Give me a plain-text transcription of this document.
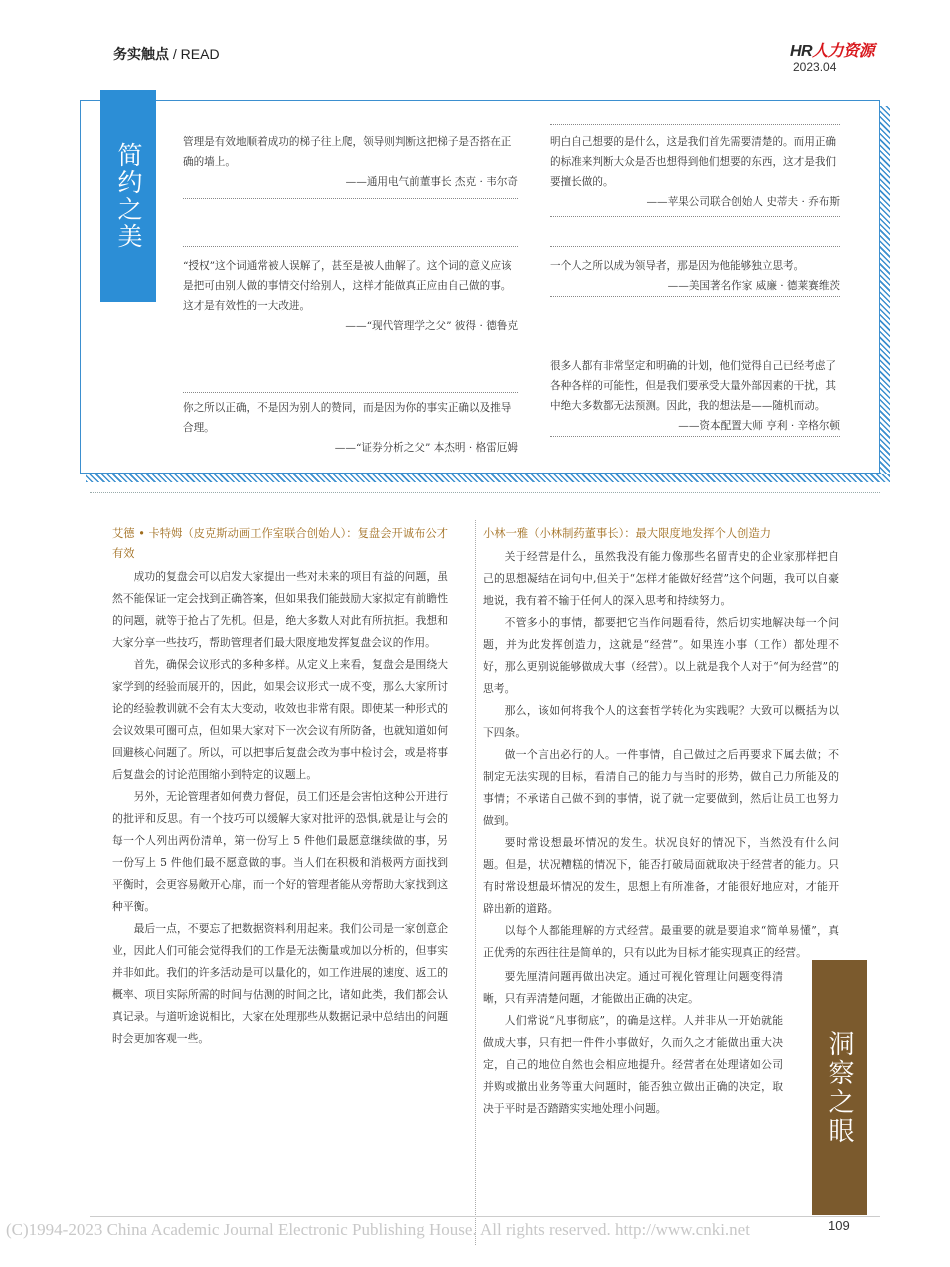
务实触点 / READ	HR人力资源
2023.04
简约之美	管理是有效地顺着成功的梯子往上爬，领导则判断这把梯子是否搭在正确的墙上。
——通用电气前董事长 杰克 · 韦尔奇
“授权”这个词通常被人误解了，甚至是被人曲解了。这个词的意义应该是把可由别人做的事情交付给别人，这样才能做真正应由自己做的事。这才是有效性的一大改进。
——“现代管理学之父” 彼得 · 德鲁克
你之所以正确，不是因为别人的赞同，而是因为你的事实正确以及推导合理。
——“证券分析之父” 本杰明 · 格雷厄姆
明白自己想要的是什么，这是我们首先需要清楚的。而用正确的标准来判断大众是否也想得到他们想要的东西，这才是我们要擅长做的。
——苹果公司联合创始人 史蒂夫 · 乔布斯
一个人之所以成为领导者，那是因为他能够独立思考。
——美国著名作家 威廉 · 德莱赛维茨
很多人都有非常坚定和明确的计划，他们觉得自己已经考虑了各种各样的可能性，但是我们要承受大量外部因素的干扰，其中绝大多数都无法预测。因此，我的想法是——随机而动。
——资本配置大师 亨利 · 辛格尔顿
艾德 • 卡特姆（皮克斯动画工作室联合创始人）：复盘会开诚布公才有效

成功的复盘会可以启发大家提出一些对未来的项目有益的问题，虽然不能保证一定会找到正确答案，但如果我们能鼓励大家拟定有前瞻性的问题，就等于抢占了先机。但是，绝大多数人对此有所抗拒。我想和大家分享一些技巧，帮助管理者们最大限度地发挥复盘会议的作用。

首先，确保会议形式的多种多样。从定义上来看，复盘会是围绕大家学到的经验而展开的，因此，如果会议形式一成不变，那么大家所讨论的经验教训就不会有太大变动，收效也非常有限。即使某一种形式的会议效果可圈可点，但如果大家对下一次会议有所防备，也就知道如何回避核心问题了。所以，可以把事后复盘会改为事中检讨会，或是将事后复盘会的讨论范围缩小到特定的议题上。

另外，无论管理者如何费力督促，员工们还是会害怕这种公开进行的批评和反思。有一个技巧可以缓解大家对批评的恐惧,就是让与会的每一个人列出两份清单，第一份写上 5 件他们最愿意继续做的事，另一份写上 5 件他们最不愿意做的事。当人们在积极和消极两方面找到平衡时，会更容易敞开心扉，而一个好的管理者能从旁帮助大家找到这种平衡。

最后一点，不要忘了把数据资料利用起来。我们公司是一家创意企业，因此人们可能会觉得我们的工作是无法衡量或加以分析的，但事实并非如此。我们的许多活动是可以量化的，如工作进展的速度、返工的概率、项目实际所需的时间与估测的时间之比，诸如此类，我们都会认真记录。与道听途说相比，大家在处理那些从数据记录中总结出的问题时会更加客观一些。

小林一雅（小林制药董事长）：最大限度地发挥个人创造力

关于经营是什么，虽然我没有能力像那些名留青史的企业家那样把自己的思想凝结在词句中,但关于“怎样才能做好经营”这个问题，我可以自豪地说，我有着不输于任何人的深入思考和持续努力。

不管多小的事情，都要把它当作问题看待，然后切实地解决每一个问题，并为此发挥创造力，这就是“经营”。如果连小事（工作）都处理不好，那么更别说能够做成大事（经营）。以上就是我个人对于“何为经营”的思考。

那么，该如何将我个人的这套哲学转化为实践呢？大致可以概括为以下四条。

做一个言出必行的人。一件事情，自己做过之后再要求下属去做；不制定无法实现的目标，看清自己的能力与当时的形势，做自己力所能及的事情；不承诺自己做不到的事情，说了就一定要做到，然后让员工也努力做到。

要时常设想最坏情况的发生。状况良好的情况下，当然没有什么问题。但是，状况糟糕的情况下，能否打破局面就取决于经营者的能力。只有时常设想最坏情况的发生，思想上有所准备，才能很好地应对，才能开辟出新的道路。

以每个人都能理解的方式经营。最重要的就是要追求“简单易懂”，真正优秀的东西往往是简单的，只有以此为目标才能实现真正的经营。

要先厘清问题再做出决定。通过可视化管理让问题变得清晰，只有弄清楚问题，才能做出正确的决定。

人们常说“凡事彻底”，的确是这样。人并非从一开始就能做成大事，只有把一件件小事做好，久而久之才能做出重大决定，自己的地位自然也会相应地提升。经营者在处理诸如公司并购或撤出业务等重大问题时，能否独立做出正确的决定，取决于平时是否踏踏实实地处理小问题。	洞察之眼
109
(C)1994-2023 China Academic Journal Electronic Publishing House. All rights reserved. http://www.cnki.net
